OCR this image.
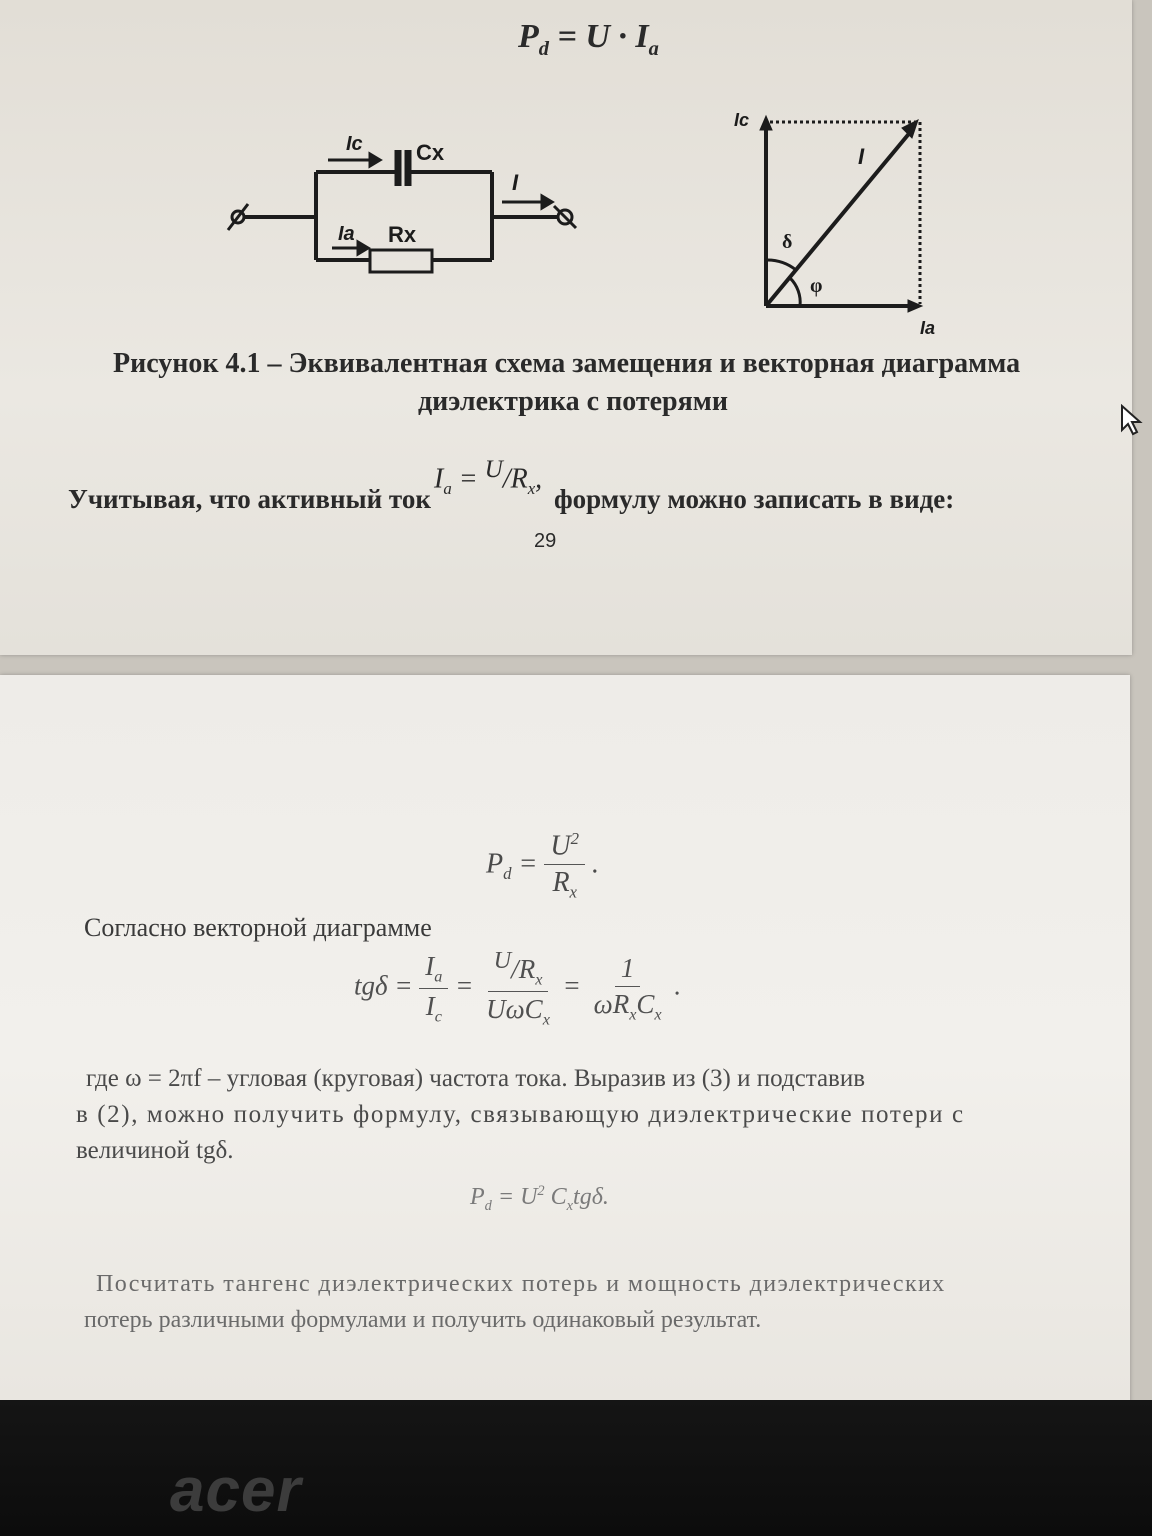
$P_d = U \cdot I_a$
Ic Cx
I
Ia Rx
Ic
I
δ
φ
Ia
Рисунок 4.1 – Эквивалентная схема замещения и векторная диаграмма
диэлектрика с потерями
Учитывая, что активный ток
$I_a = ^U/R_x$,
формулу можно записать в виде:
29
$P_d = \frac{U^2}{R_x}$ .
Согласно векторной диаграмме
$tg\delta = \frac{I_a}{I_c} = \frac{^U/R_x}{U\omega C_x} = \frac{1}{\omega R_xC_x}$ .
где ω = 2πf – угловая (круговая) частота тока. Выразив из (3) и подставив
в (2), можно получить формулу, связывающую диэлектрические потери с
величиной tgδ.
$P_d = U^2$ $C_xtg\delta$.
Посчитать тангенс диэлектрических потерь и мощность диэлектрических
потерь различными формулами и получить одинаковый результат.
acer
